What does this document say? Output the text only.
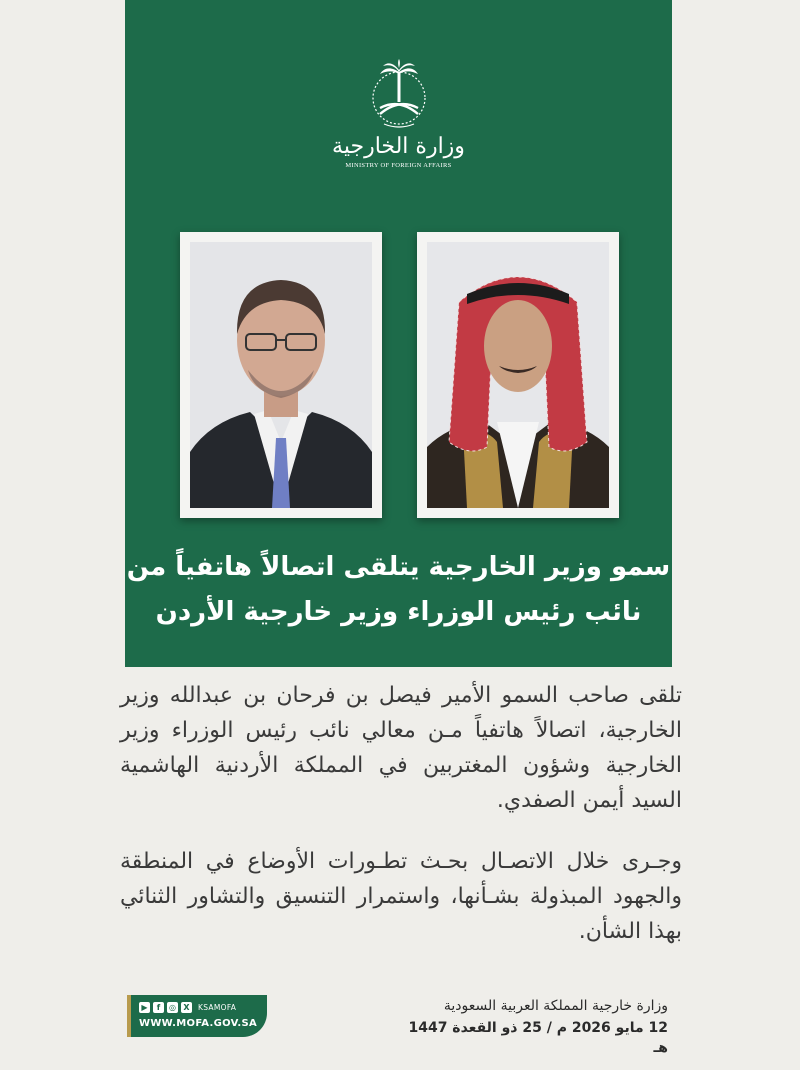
وزارة الخارجية
MINISTRY OF FOREIGN AFFAIRS
سمو وزير الخارجية يتلقى اتصالاً هاتفياً من
نائب رئيس الوزراء وزير خارجية الأردن

تلقى صاحب السمو الأمير فيصل بن فرحان بن عبدالله وزير الخارجية، اتصالاً هاتفياً مـن معالي نائب رئيس الوزراء وزير الخارجية وشؤون المغتربين في المملكة الأردنية الهاشمية السيد أيمن الصفدي.

وجـرى خلال الاتصـال بحـث تطـورات الأوضاع في المنطقة والجهود المبذولة بشـأنها، واستمرار التنسيق والتشاور الثنائي بهذا الشأن.

وزارة خارجية المملكة العربية السعودية
12 مايو 2026 م / 25 ذو القعدة 1447 هـ
▶	f	◎ X	KSAMOFA
WWW.MOFA.GOV.SA
